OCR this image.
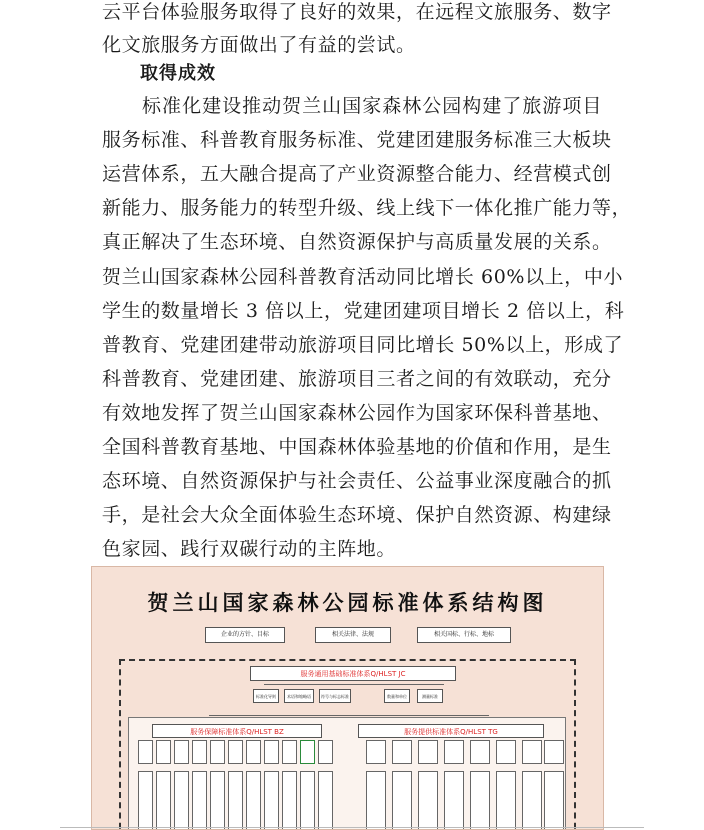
云平台体验服务取得了良好的效果，在远程文旅服务、数字
化文旅服务方面做出了有益的尝试。
取得成效
　　标准化建设推动贺兰山国家森林公园构建了旅游项目
服务标准、科普教育服务标准、党建团建服务标准三大板块
运营体系，五大融合提高了产业资源整合能力、经营模式创
新能力、服务能力的转型升级、线上线下一体化推广能力等，
真正解决了生态环境、自然资源保护与高质量发展的关系。
贺兰山国家森林公园科普教育活动同比增长 60%以上，中小
学生的数量增长 3 倍以上，党建团建项目增长 2 倍以上，科
普教育、党建团建带动旅游项目同比增长 50%以上，形成了
科普教育、党建团建、旅游项目三者之间的有效联动，充分
有效地发挥了贺兰山国家森林公园作为国家环保科普基地、
全国科普教育基地、中国森林体验基地的价值和作用，是生
态环境、自然资源保护与社会责任、公益事业深度融合的抓
手，是社会大众全面体验生态环境、保护自然资源、构建绿
色家园、践行双碳行动的主阵地。
贺兰山国家森林公园标准体系结构图
企业的方针、目标	相关法律、法规	相关国标、行标、地标
服务通用基础标准体系Q/HLST JC
标准化导则	术语和缩略语	符号与标志标准	数量和单位	测量标准
服务保障标准体系Q/HLST BZ	服务提供标准体系Q/HLST TG
